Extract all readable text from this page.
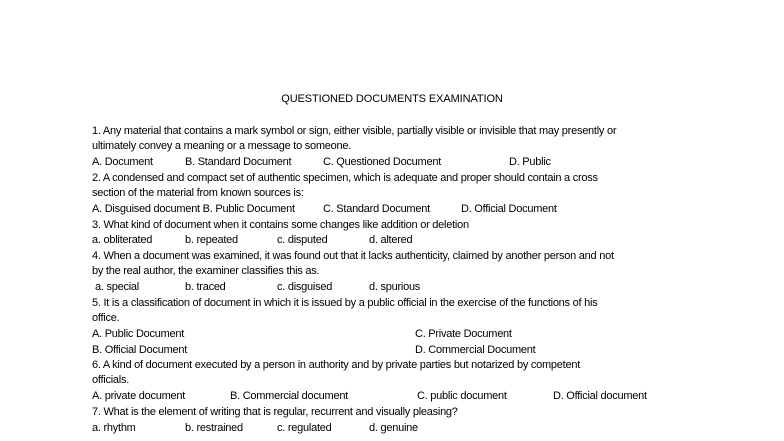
QUESTIONED DOCUMENTS EXAMINATION
1. Any material that contains a mark symbol or sign, either visible, partially visible or invisible that may presently or
ultimately convey a meaning or a message to someone.
A. Document	B. Standard Document	C. Questioned Document	D. Public
2. A condensed and compact set of authentic specimen, which is adequate and proper should contain a cross
section of the material from known sources is:
A. Disguised document B. Public Document	C. Standard Document	D. Official Document
3. What kind of document when it contains some changes like addition or deletion
a. obliterated	b. repeated	c. disputed	d. altered
4. When a document was examined, it was found out that it lacks authenticity, claimed by another person and not
by the real author, the examiner classifies this as.
a. special	b. traced	c. disguised	d. spurious
5. It is a classification of document in which it is issued by a public official in the exercise of the functions of his
office.
A. Public Document	C. Private Document
B. Official Document	D. Commercial Document
6. A kind of document executed by a person in authority and by private parties but notarized by competent
officials.
A. private document	B. Commercial document	C. public document	D. Official document
7. What is the element of writing that is regular, recurrent and visually pleasing?
a. rhythm	b. restrained	c. regulated	d. genuine
